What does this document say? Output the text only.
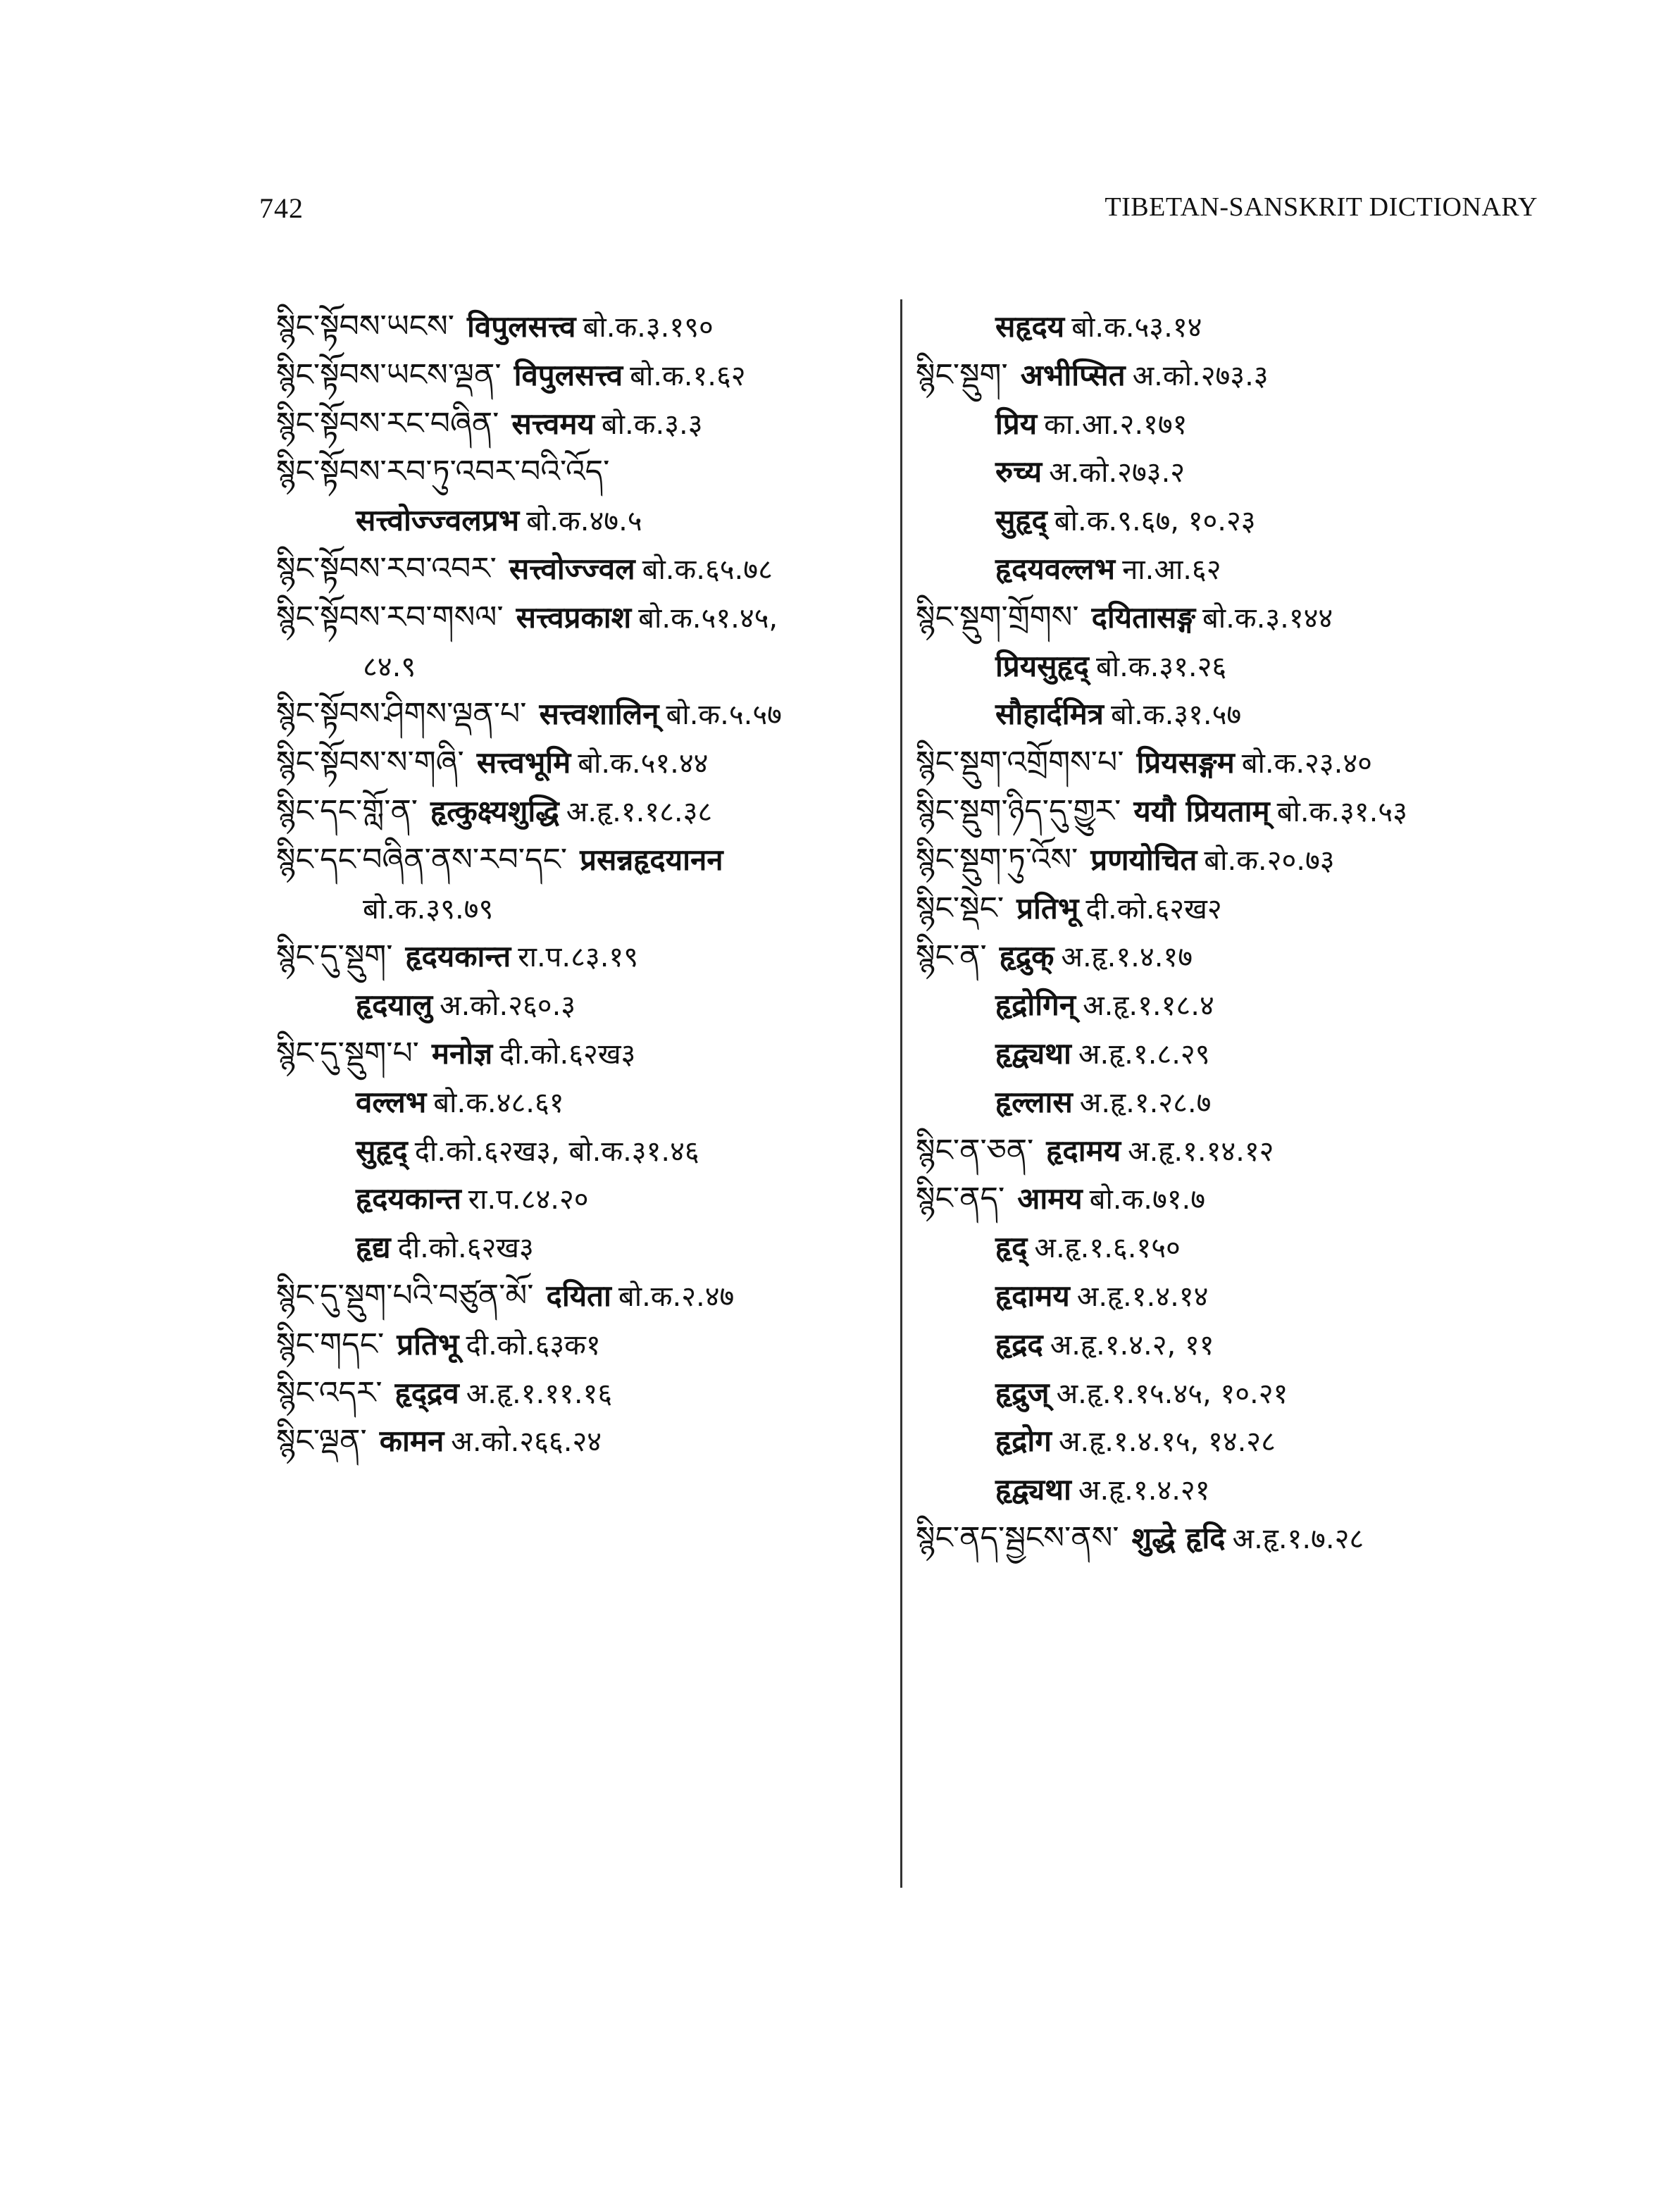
742	TIBETAN-SANSKRIT DICTIONARY
སྙིང་སྟོབས་ཡངས་ विपुलसत्त्व बो.क.३.१९०
སྙིང་སྟོབས་ཡངས་ལྡན་ विपुलसत्त्व बो.क.१.६२
སྙིང་སྟོབས་རང་བཞིན་ सत्त्वमय बो.क.३.३
སྙིང་སྟོབས་རབ་ཏུ་འབར་བའི་འོད་
सत्त्वोज्ज्वलप्रभ बो.क.४७.५
སྙིང་སྟོབས་རབ་འབར་ सत्त्वोज्ज्वल बो.क.६५.७८
སྙིང་སྟོབས་རབ་གསལ་ सत्त्वप्रकाश बो.क.५१.४५,
८४.९
སྙིང་སྟོབས་ཤིགས་ལྡན་པ་ सत्त्वशालिन् बो.क.५.५७
སྙིང་སྟོབས་ས་གཞི་ सत्त्वभूमि बो.क.५१.४४
སྙིང་དང་གློ་ན་ हृत्कुक्ष्यशुद्धि अ.हृ.१.१८.३८
སྙིང་དང་བཞིན་ནས་རབ་དང་ प्रसन्नहृदयानन
बो.क.३९.७९
སྙིང་དུ་སྡུག་ हृदयकान्त रा.प.८३.१९
हृदयालु अ.को.२६०.३
སྙིང་དུ་སྡུག་པ་ मनोज्ञ दी.को.६२ख३
वल्लभ बो.क.४८.६१
सुहृद् दी.को.६२ख३, बो.क.३१.४६
हृदयकान्त रा.प.८४.२०
हृद्य दी.को.६२ख३
སྙིང་དུ་སྡུག་པའི་བཙུན་མོ་ दयिता बो.क.२.४७
སྙིང་གདང་ प्रतिभू दी.को.६३क१
སྙིང་འདར་ हृद्द्रव अ.हृ.१.११.१६
སྙིང་ལྡན་ कामन अ.को.२६६.२४
सहृदय बो.क.५३.१४
སྙིང་སྡུག་ अभीप्सित अ.को.२७३.३
प्रिय का.आ.२.१७१
रुच्य अ.को.२७३.२
सुहृद् बो.क.९.६७, १०.२३
हृदयवल्लभ ना.आ.६२
སྙིང་སྡུག་གྲོགས་ दयितासङ्ग बो.क.३.१४४
प्रियसुहृद् बो.क.३१.२६
सौहार्दमित्र बो.क.३१.५७
སྙིང་སྡུག་འགྲོགས་པ་ प्रियसङ्गम बो.क.२३.४०
སྙིང་སྡུག་ཉིད་དུ་གྱུར་ ययौ प्रियताम् बो.क.३१.५३
སྙིང་སྡུག་ཏུ་འོས་ प्रणयोचित बो.क.२०.७३
སྙིང་སྡེང་ प्रतिभू दी.को.६२ख२
སྙིང་ན་ हृद्रुक् अ.हृ.१.४.१७
हृद्रोगिन् अ.हृ.१.१८.४
हृद्व्यथा अ.हृ.१.८.२९
हृल्लास अ.हृ.१.२८.७
སྙིང་ན་ཅན་ हृदामय अ.हृ.१.१४.१२
སྙིང་ནད་ आमय बो.क.७१.७
हृद् अ.हृ.१.६.१५०
हृदामय अ.हृ.१.४.१४
हृद्रद अ.हृ.१.४.२, ११
हृद्रुज् अ.हृ.१.१५.४५, १०.२१
हृद्रोग अ.हृ.१.४.१५, १४.२८
हृद्व्यथा अ.हृ.१.४.२१
སྙིང་ནད་སྦྱངས་ནས་ शुद्धे हृदि अ.हृ.१.७.२८
